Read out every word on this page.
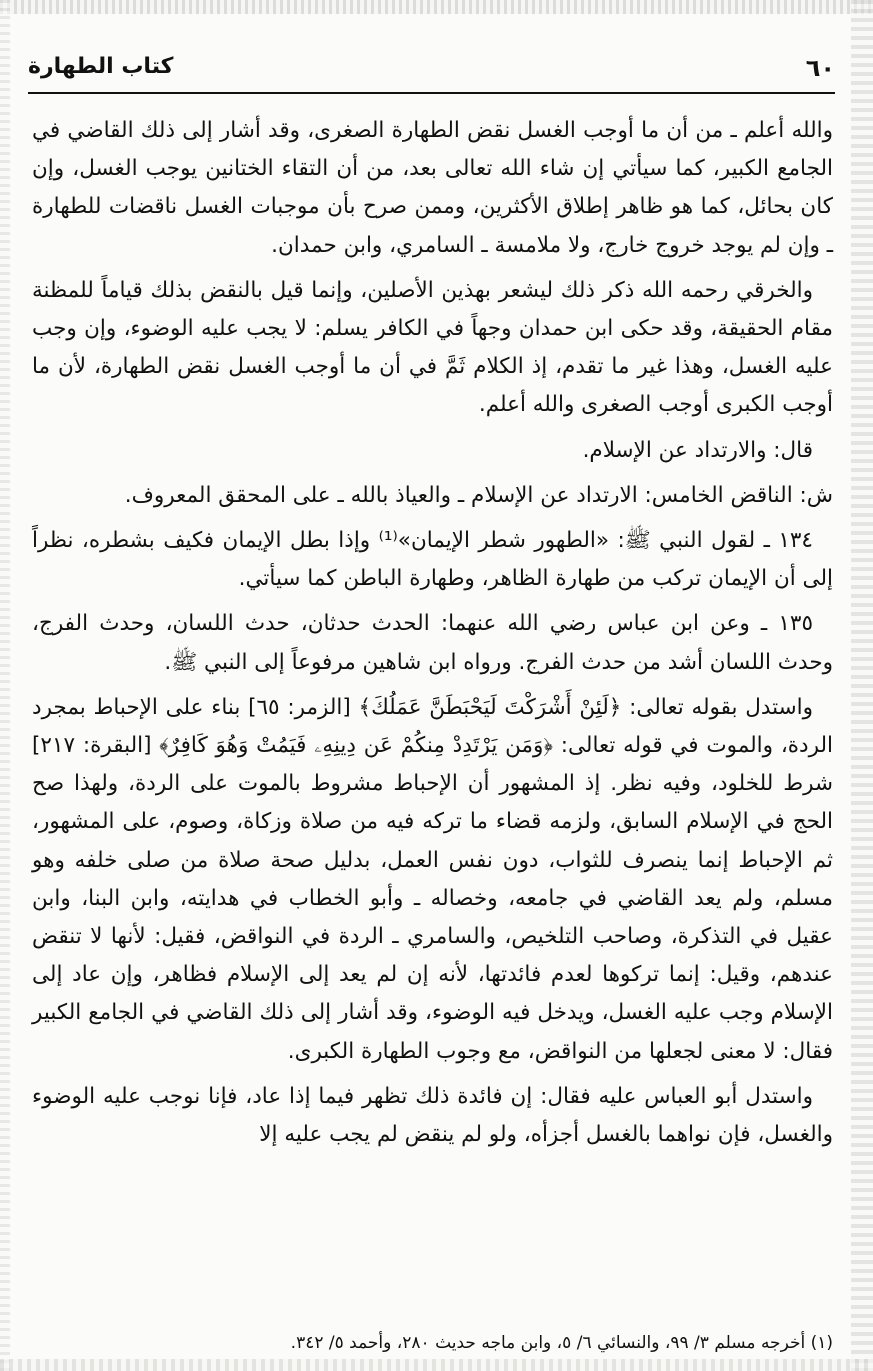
٦٠
كتاب الطهارة

والله أعلم ـ من أن ما أوجب الغسل نقض الطهارة الصغرى، وقد أشار إلى ذلك القاضي في الجامع الكبير، كما سيأتي إن شاء الله تعالى بعد، من أن التقاء الختانين يوجب الغسل، وإن كان بحائل، كما هو ظاهر إطلاق الأكثرين، وممن صرح بأن موجبات الغسل ناقضات للطهارة ـ وإن لم يوجد خروج خارج، ولا ملامسة ـ السامري، وابن حمدان.

والخرقي رحمه الله ذكر ذلك ليشعر بهذين الأصلين، وإنما قيل بالنقض بذلك قياماً للمظنة مقام الحقيقة، وقد حكى ابن حمدان وجهاً في الكافر يسلم: لا يجب عليه الوضوء، وإن وجب عليه الغسل، وهذا غير ما تقدم، إذ الكلام ثَمَّ في أن ما أوجب الغسل نقض الطهارة، لأن ما أوجب الكبرى أوجب الصغرى والله أعلم.

قال: والارتداد عن الإسلام.

ش: الناقض الخامس: الارتداد عن الإسلام ـ والعياذ بالله ـ على المحقق المعروف.

١٣٤ ـ لقول النبي ﷺ: «الطهور شطر الإيمان»⁽¹⁾ وإذا بطل الإيمان فكيف بشطره، نظراً إلى أن الإيمان تركب من طهارة الظاهر، وطهارة الباطن كما سيأتي.

١٣٥ ـ وعن ابن عباس رضي الله عنهما: الحدث حدثان، حدث اللسان، وحدث الفرج، وحدث اللسان أشد من حدث الفرج. ورواه ابن شاهين مرفوعاً إلى النبي ﷺ.

واستدل بقوله تعالى: ﴿لَئِنْ أَشْرَكْتَ لَيَحْبَطَنَّ عَمَلُكَ﴾ [الزمر: ٦٥] بناء على الإحباط بمجرد الردة، والموت في قوله تعالى: ﴿وَمَن يَرْتَدِدْ مِنكُمْ عَن دِينِهِۦ فَيَمُتْ وَهُوَ كَافِرٌ﴾ [البقرة: ٢١٧] شرط للخلود، وفيه نظر. إذ المشهور أن الإحباط مشروط بالموت على الردة، ولهذا صح الحج في الإسلام السابق، ولزمه قضاء ما تركه فيه من صلاة وزكاة، وصوم، على المشهور، ثم الإحباط إنما ينصرف للثواب، دون نفس العمل، بدليل صحة صلاة من صلى خلفه وهو مسلم، ولم يعد القاضي في جامعه، وخصاله ـ وأبو الخطاب في هدايته، وابن البنا، وابن عقيل في التذكرة، وصاحب التلخيص، والسامري ـ الردة في النواقض، فقيل: لأنها لا تنقض عندهم، وقيل: إنما تركوها لعدم فائدتها، لأنه إن لم يعد إلى الإسلام فظاهر، وإن عاد إلى الإسلام وجب عليه الغسل، ويدخل فيه الوضوء، وقد أشار إلى ذلك القاضي في الجامع الكبير فقال: لا معنى لجعلها من النواقض، مع وجوب الطهارة الكبرى.

واستدل أبو العباس عليه فقال: إن فائدة ذلك تظهر فيما إذا عاد، فإنا نوجب عليه الوضوء والغسل، فإن نواهما بالغسل أجزأه، ولو لم ينقض لم يجب عليه إلا

(١) أخرجه مسلم ٣/ ٩٩، والنسائي ٦/ ٥، وابن ماجه حديث ٢٨٠، وأحمد ٥/ ٣٤٢.
